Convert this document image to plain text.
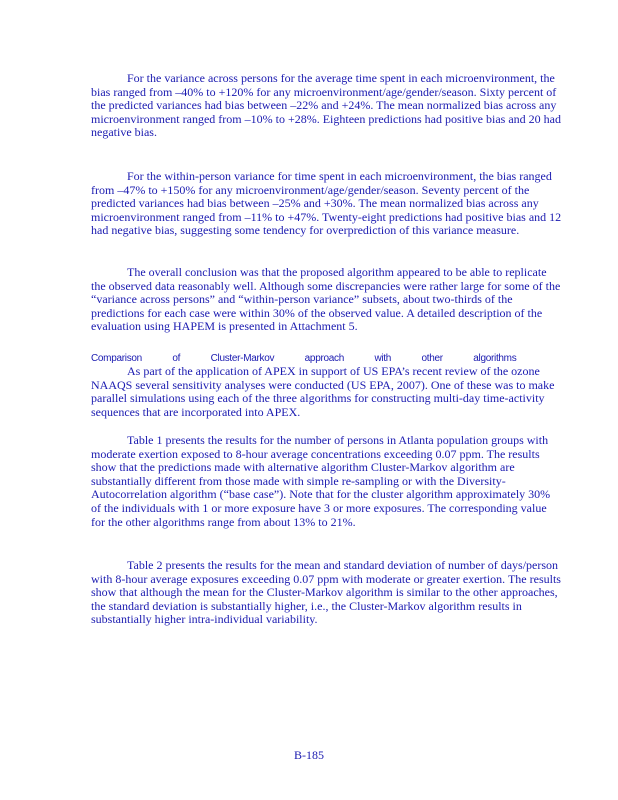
For the variance across persons for the average time spent in each microenvironment, the bias ranged from –40% to +120% for any microenvironment/age/gender/season. Sixty percent of the predicted variances had bias between –22% and +24%. The mean normalized bias across any microenvironment ranged from –10% to +28%. Eighteen predictions had positive bias and 20 had negative bias.

For the within-person variance for time spent in each microenvironment, the bias ranged from –47% to +150% for any microenvironment/age/gender/season. Seventy percent of the predicted variances had bias between –25% and +30%. The mean normalized bias across any microenvironment ranged from –11% to +47%. Twenty-eight predictions had positive bias and 12 had negative bias, suggesting some tendency for overprediction of this variance measure.

The overall conclusion was that the proposed algorithm appeared to be able to replicate the observed data reasonably well. Although some discrepancies were rather large for some of the “variance across persons” and “within-person variance” subsets, about two-thirds of the predictions for each case were within 30% of the observed value. A detailed description of the evaluation using HAPEM is presented in Attachment 5.

Comparison of Cluster-Markov approach with other algorithms

As part of the application of APEX in support of US EPA’s recent review of the ozone NAAQS several sensitivity analyses were conducted (US EPA, 2007). One of these was to make parallel simulations using each of the three algorithms for constructing multi-day time-activity sequences that are incorporated into APEX.

Table 1 presents the results for the number of persons in Atlanta population groups with moderate exertion exposed to 8-hour average concentrations exceeding 0.07 ppm. The results show that the predictions made with alternative algorithm Cluster-Markov algorithm are substantially different from those made with simple re-sampling or with the Diversity-Autocorrelation algorithm (“base case”). Note that for the cluster algorithm approximately 30% of the individuals with 1 or more exposure have 3 or more exposures. The corresponding value for the other algorithms range from about 13% to 21%.

Table 2 presents the results for the mean and standard deviation of number of days/person with 8-hour average exposures exceeding 0.07 ppm with moderate or greater exertion. The results show that although the mean for the Cluster-Markov algorithm is similar to the other approaches, the standard deviation is substantially higher, i.e., the Cluster-Markov algorithm results in substantially higher intra-individual variability.

B-185
